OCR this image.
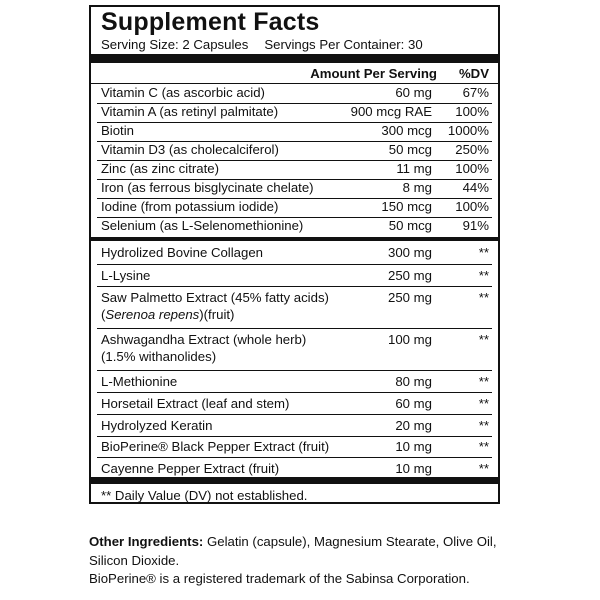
Supplement Facts
Serving Size: 2 Capsules Servings Per Container: 30
Amount Per Serving %DV
Vitamin C (as ascorbic acid)	60 mg 67%
Vitamin A (as retinyl palmitate)	900 mcg RAE 100%
Biotin	300 mcg 1000%
Vitamin D3 (as cholecalciferol)	50 mcg 250%
Zinc (as zinc citrate)	11 mg 100%
Iron (as ferrous bisglycinate chelate)	8 mg 44%
Iodine (from potassium iodide)	150 mcg 100%
Selenium (as L-Selenomethionine)	50 mcg 91%
Hydrolized Bovine Collagen	300 mg	**
L-Lysine	250 mg	**
Saw Palmetto Extract (45% fatty acids)	250 mg	**
(Serenoa repens)(fruit)
Ashwagandha Extract (whole herb)	100 mg	**
(1.5% withanolides)
L-Methionine	80 mg	**
Horsetail Extract (leaf and stem)	60 mg	**
Hydrolyzed Keratin	20 mg	**
BioPerine® Black Pepper Extract (fruit)	10 mg	**
Cayenne Pepper Extract (fruit)	10 mg	**
** Daily Value (DV) not established.
Other Ingredients: Gelatin (capsule), Magnesium Stearate, Olive Oil, Silicon Dioxide.
BioPerine® is a registered trademark of the Sabinsa Corporation.
